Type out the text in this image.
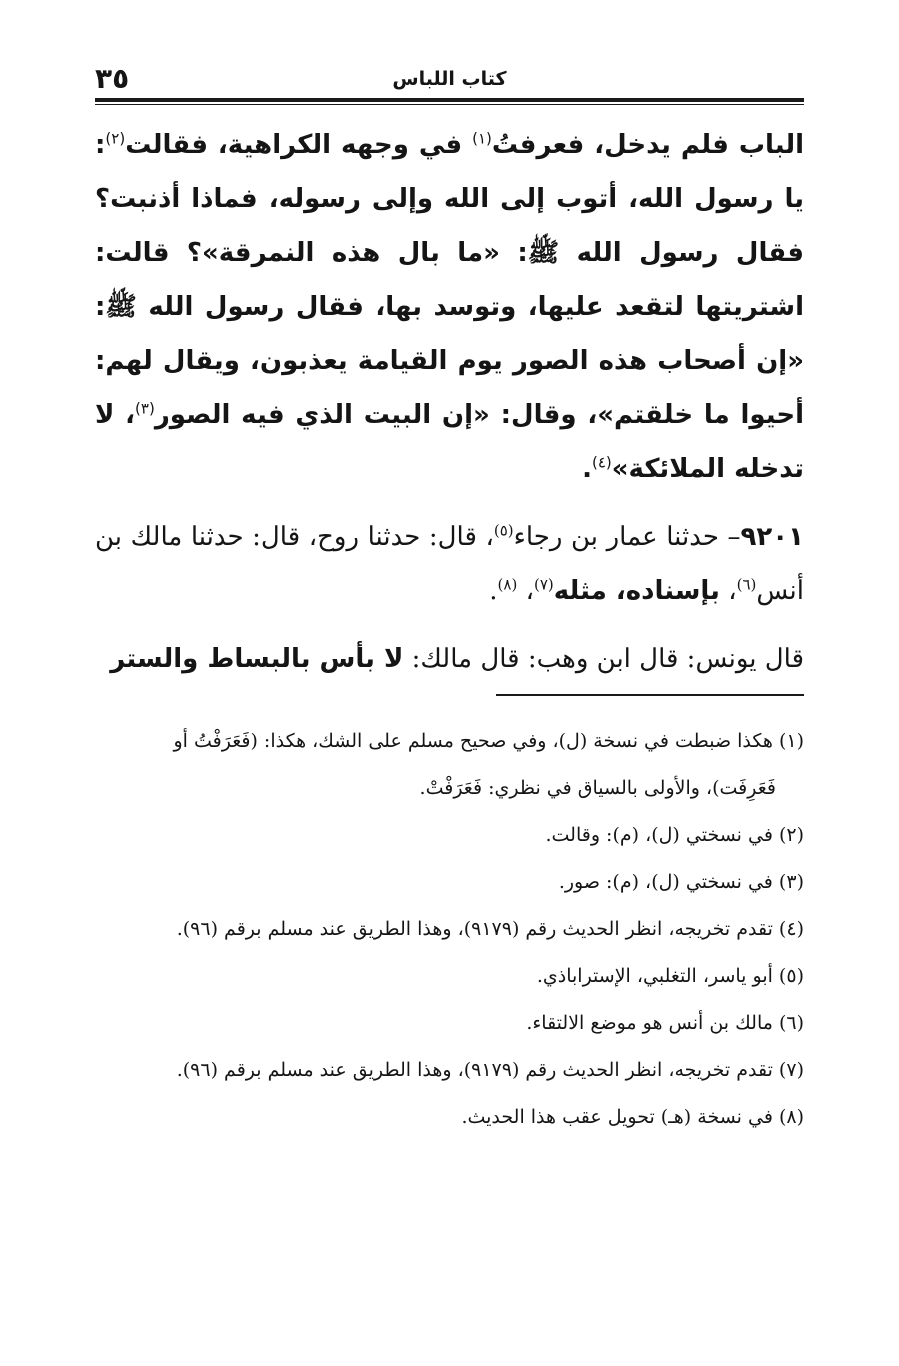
كتاب اللباس
٣٥

الباب فلم يدخل، فعرفتُ$^{(١)}$ في وجهه الكراهية، فقالت$^{(٢)}$: يا رسول الله، أتوب إلى الله وإلى رسوله، فماذا أذنبت؟ فقال رسول الله ﷺ: «ما بال هذه النمرقة»؟ قالت: اشتريتها لتقعد عليها، وتوسد بها، فقال رسول الله ﷺ: «إن أصحاب هذه الصور يوم القيامة يعذبون، ويقال لهم: أحيوا ما خلقتم»، وقال: «إن البيت الذي فيه الصور$^{(٣)}$، لا تدخله الملائكة»$^{(٤)}$.

٩٢٠١– حدثنا عمار بن رجاء$^{(٥)}$، قال: حدثنا روح، قال: حدثنا مالك بن أنس$^{(٦)}$، بإسناده، مثله$^{(٧)}$، $^{(٨)}$.

قال يونس: قال ابن وهب: قال مالك: لا بأس بالبساط والستر

(١) هكذا ضبطت في نسخة (ل)، وفي صحيح مسلم على الشك، هكذا: (فَعَرَفْتُ أو
فَعَرِفَت)، والأولى بالسياق في نظري: فَعَرَفْتْ.

(٢) في نسختي (ل)، (م): وقالت.

(٣) في نسختي (ل)، (م): صور.

(٤) تقدم تخريجه، انظر الحديث رقم (٩١٧٩)، وهذا الطريق عند مسلم برقم (٩٦).

(٥) أبو ياسر، التغلبي، الإستراباذي.

(٦) مالك بن أنس هو موضع الالتقاء.

(٧) تقدم تخريجه، انظر الحديث رقم (٩١٧٩)، وهذا الطريق عند مسلم برقم (٩٦).

(٨) في نسخة (هـ) تحويل عقب هذا الحديث.
